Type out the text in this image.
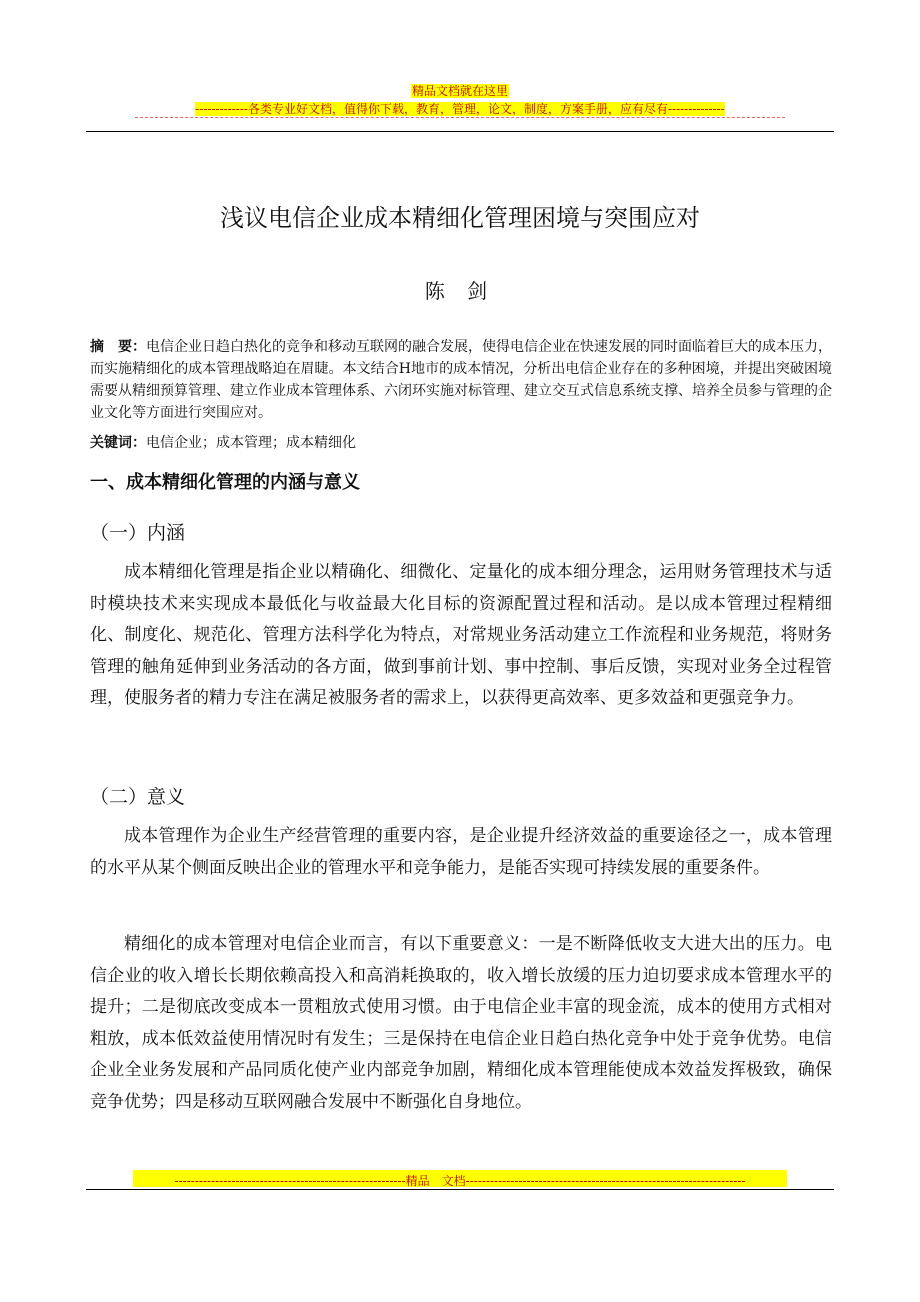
精品文档就在这里
-------------各类专业好文档，值得你下载，教育，管理，论文，制度，方案手册，应有尽有--------------
浅议电信企业成本精细化管理困境与突围应对
陈 剑
摘　要：电信企业日趋白热化的竞争和移动互联网的融合发展，使得电信企业在快速发展的同时面临着巨大的成本压力，而实施精细化的成本管理战略迫在眉睫。本文结合H地市的成本情况，分析出电信企业存在的多种困境，并提出突破困境需要从精细预算管理、建立作业成本管理体系、六闭环实施对标管理、建立交互式信息系统支撑、培养全员参与管理的企业文化等方面进行突围应对。
关键词：电信企业；成本管理；成本精细化
一、成本精细化管理的内涵与意义
（一）内涵
成本精细化管理是指企业以精确化、细微化、定量化的成本细分理念，运用财务管理技术与适时模块技术来实现成本最低化与收益最大化目标的资源配置过程和活动。是以成本管理过程精细化、制度化、规范化、管理方法科学化为特点，对常规业务活动建立工作流程和业务规范，将财务管理的触角延伸到业务活动的各方面，做到事前计划、事中控制、事后反馈，实现对业务全过程管理，使服务者的精力专注在满足被服务者的需求上，以获得更高效率、更多效益和更强竞争力。
（二）意义
成本管理作为企业生产经营管理的重要内容，是企业提升经济效益的重要途径之一，成本管理的水平从某个侧面反映出企业的管理水平和竞争能力，是能否实现可持续发展的重要条件。
精细化的成本管理对电信企业而言，有以下重要意义：一是不断降低收支大进大出的压力。电信企业的收入增长长期依赖高投入和高消耗换取的，收入增长放缓的压力迫切要求成本管理水平的提升；二是彻底改变成本一贯粗放式使用习惯。由于电信企业丰富的现金流，成本的使用方式相对粗放，成本低效益使用情况时有发生；三是保持在电信企业日趋白热化竞争中处于竞争优势。电信企业全业务发展和产品同质化使产业内部竞争加剧，精细化成本管理能使成本效益发挥极致，确保竞争优势；四是移动互联网融合发展中不断强化自身地位。
---------------------------------------------------------精品　文档---------------------------------------------------------------------
